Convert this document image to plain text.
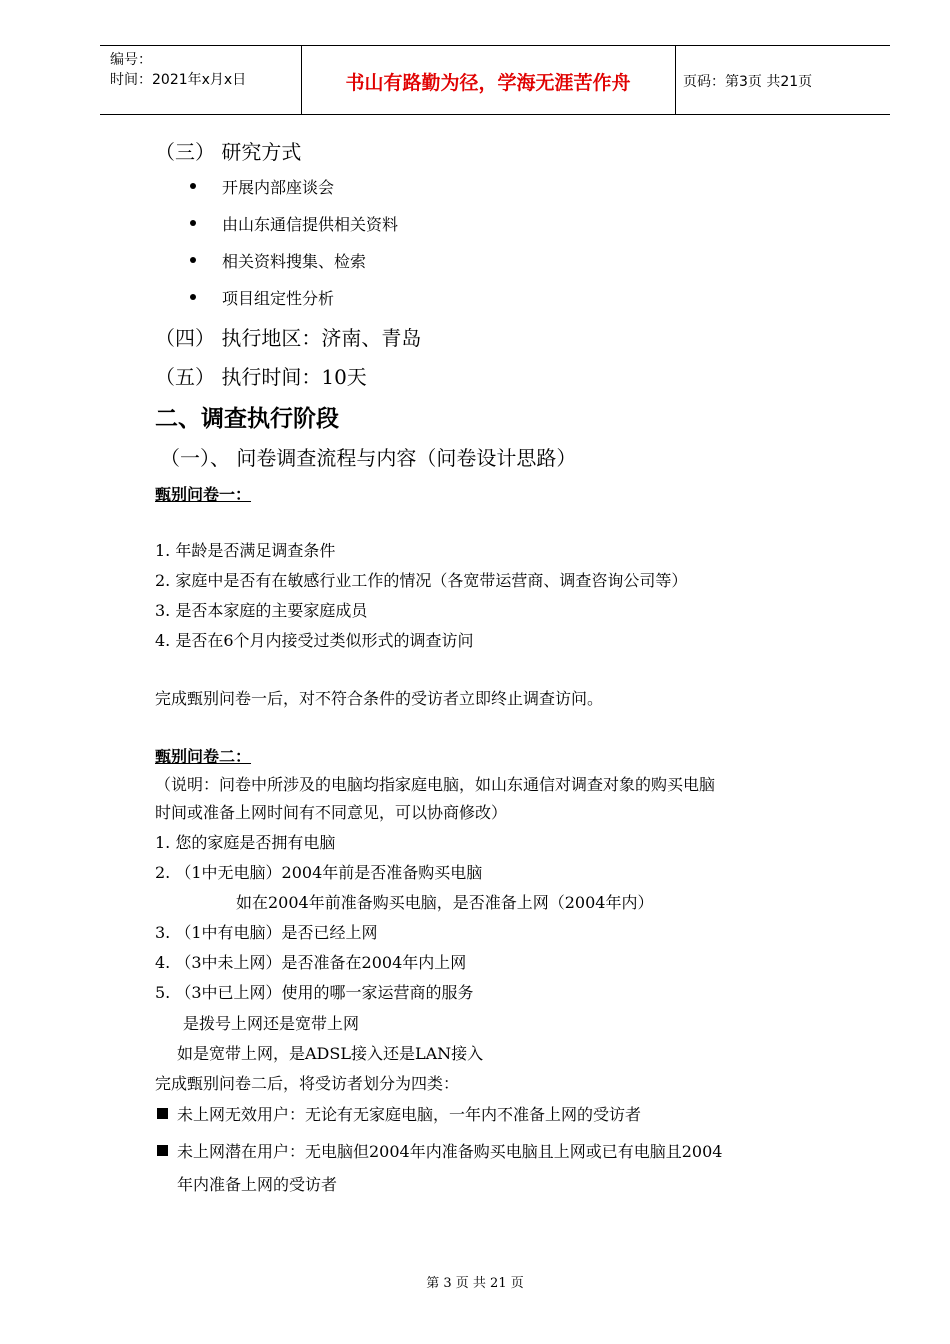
编号：
时间：2021年x月x日	书山有路勤为径，学海无涯苦作舟	页码：第3页 共21页
（三） 研究方式
开展内部座谈会
由山东通信提供相关资料
相关资料搜集、检索
项目组定性分析
（四） 执行地区：济南、青岛
（五） 执行时间：10天
二、调查执行阶段
（一）、 问卷调查流程与内容（问卷设计思路）
甄别问卷一：
1. 年龄是否满足调查条件
2. 家庭中是否有在敏感行业工作的情况（各宽带运营商、调查咨询公司等）
3. 是否本家庭的主要家庭成员
4. 是否在6个月内接受过类似形式的调查访问
完成甄别问卷一后，对不符合条件的受访者立即终止调查访问。
甄别问卷二：
（说明：问卷中所涉及的电脑均指家庭电脑，如山东通信对调查对象的购买电脑
时间或准备上网时间有不同意见，可以协商修改）
1. 您的家庭是否拥有电脑
2. （1中无电脑）2004年前是否准备购买电脑
如在2004年前准备购买电脑，是否准备上网（2004年内）
3. （1中有电脑）是否已经上网
4. （3中未上网）是否准备在2004年内上网
5. （3中已上网）使用的哪一家运营商的服务
是拨号上网还是宽带上网
如是宽带上网，是ADSL接入还是LAN接入
完成甄别问卷二后，将受访者划分为四类：
未上网无效用户：无论有无家庭电脑，一年内不准备上网的受访者
未上网潜在用户：无电脑但2004年内准备购买电脑且上网或已有电脑且2004
年内准备上网的受访者
第 3 页 共 21 页
